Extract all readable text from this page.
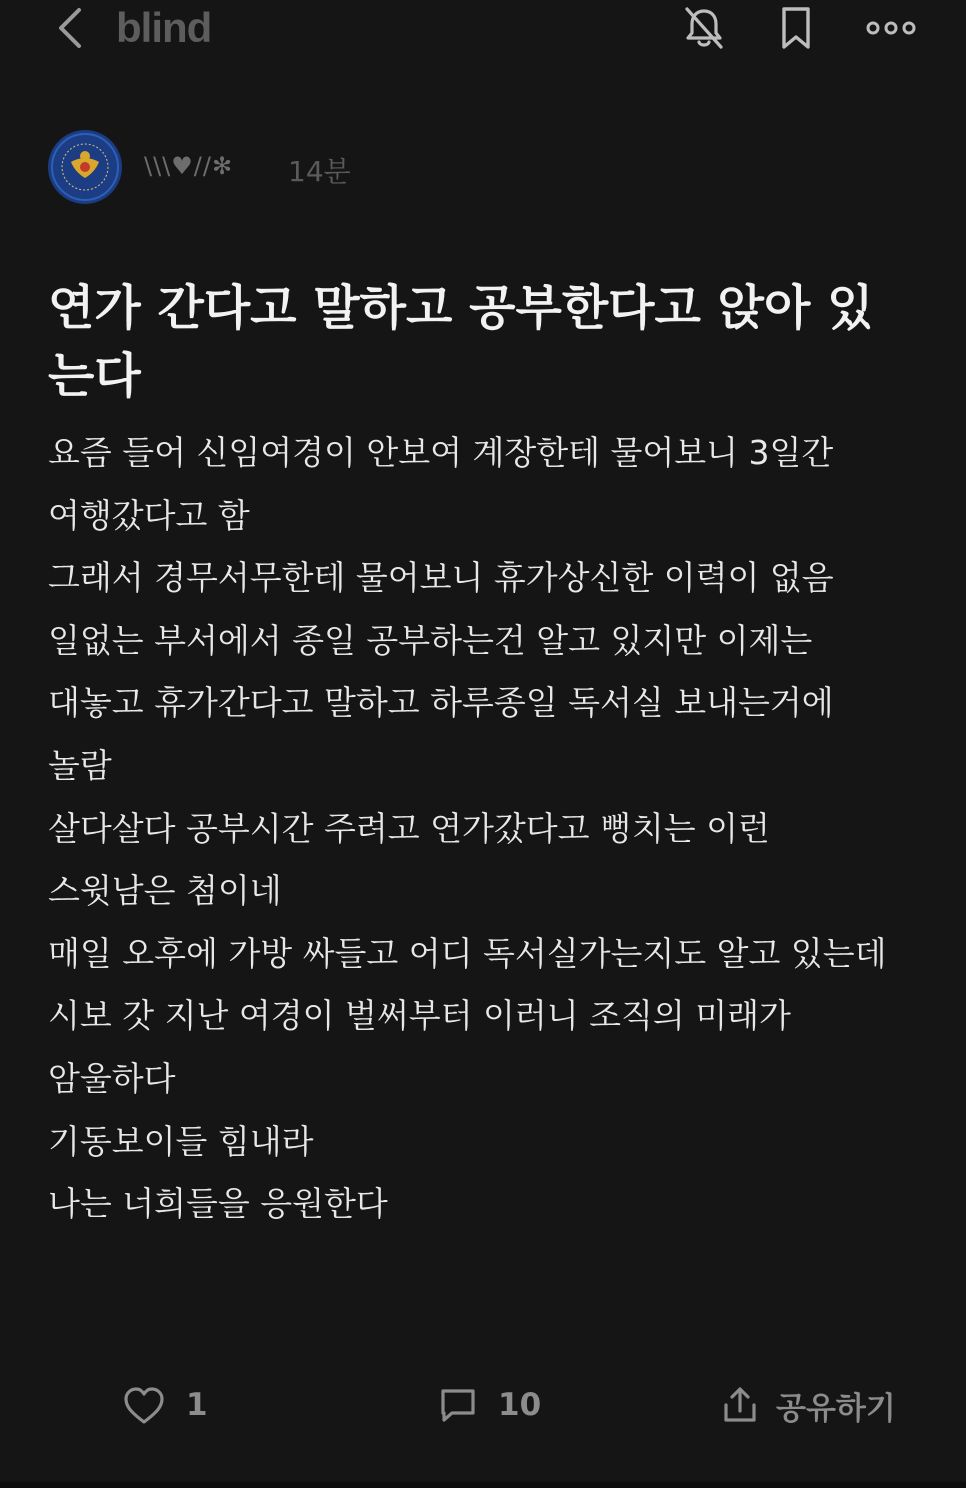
blind
\\\♥//✻ 14분
연가 간다고 말하고 공부한다고 앉아 있는다
요즘 들어 신임여경이 안보여 계장한테 물어보니 3일간
여행갔다고 함
그래서 경무서무한테 물어보니 휴가상신한 이력이 없음
일없는 부서에서 종일 공부하는건 알고 있지만 이제는
대놓고 휴가간다고 말하고 하루종일 독서실 보내는거에
놀람
살다살다 공부시간 주려고 연가갔다고 뻥치는 이런
스윗남은 첨이네
매일 오후에 가방 싸들고 어디 독서실가는지도 알고 있는데
시보 갓 지난 여경이 벌써부터 이러니 조직의 미래가
암울하다
기동보이들 힘내라
나는 너희들을 응원한다
1	10	공유하기
